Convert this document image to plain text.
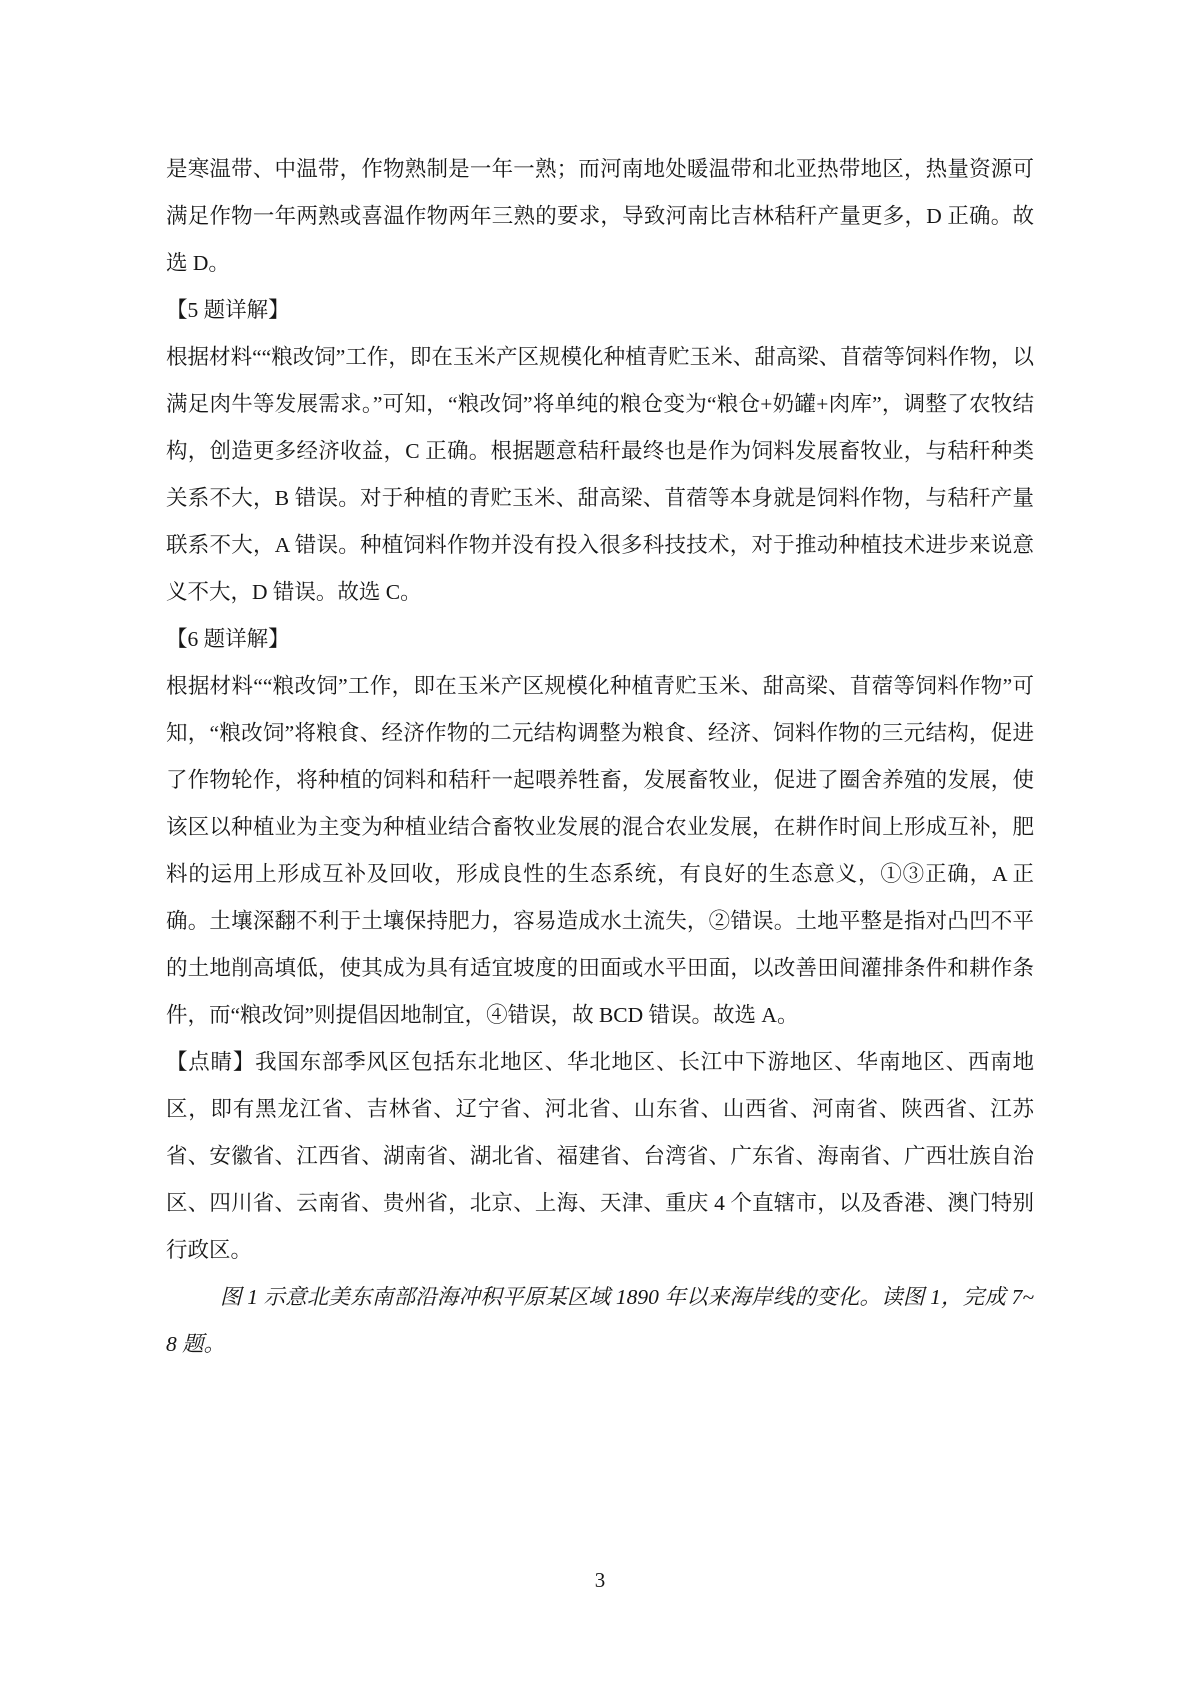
是寒温带、中温带，作物熟制是一年一熟；而河南地处暖温带和北亚热带地区，热量资源可满足作物一年两熟或喜温作物两年三熟的要求，导致河南比吉林秸秆产量更多，D 正确。故选 D。

【5 题详解】

根据材料““粮改饲”工作，即在玉米产区规模化种植青贮玉米、甜高梁、苜蓿等饲料作物，以满足肉牛等发展需求。”可知，“粮改饲”将单纯的粮仓变为“粮仓+奶罐+肉库”，调整了农牧结构，创造更多经济收益，C 正确。根据题意秸秆最终也是作为饲料发展畜牧业，与秸秆种类关系不大，B 错误。对于种植的青贮玉米、甜高梁、苜蓿等本身就是饲料作物，与秸秆产量联系不大，A 错误。种植饲料作物并没有投入很多科技技术，对于推动种植技术进步来说意义不大，D 错误。故选 C。

【6 题详解】

根据材料““粮改饲”工作，即在玉米产区规模化种植青贮玉米、甜高梁、苜蓿等饲料作物”可知，“粮改饲”将粮食、经济作物的二元结构调整为粮食、经济、饲料作物的三元结构，促进了作物轮作，将种植的饲料和秸秆一起喂养牲畜，发展畜牧业，促进了圈舍养殖的发展，使该区以种植业为主变为种植业结合畜牧业发展的混合农业发展，在耕作时间上形成互补，肥料的运用上形成互补及回收，形成良性的生态系统，有良好的生态意义，①③正确，A 正确。土壤深翻不利于土壤保持肥力，容易造成水土流失，②错误。土地平整是指对凸凹不平的土地削高填低，使其成为具有适宜坡度的田面或水平田面，以改善田间灌排条件和耕作条件，而“粮改饲”则提倡因地制宜，④错误，故 BCD 错误。故选 A。

【点睛】我国东部季风区包括东北地区、华北地区、长江中下游地区、华南地区、西南地区，即有黑龙江省、吉林省、辽宁省、河北省、山东省、山西省、河南省、陕西省、江苏省、安徽省、江西省、湖南省、湖北省、福建省、台湾省、广东省、海南省、广西壮族自治区、四川省、云南省、贵州省，北京、上海、天津、重庆 4 个直辖市，以及香港、澳门特别行政区。

图 1 示意北美东南部沿海冲积平原某区域 1890 年以来海岸线的变化。读图 1，完成 7~8 题。

3
